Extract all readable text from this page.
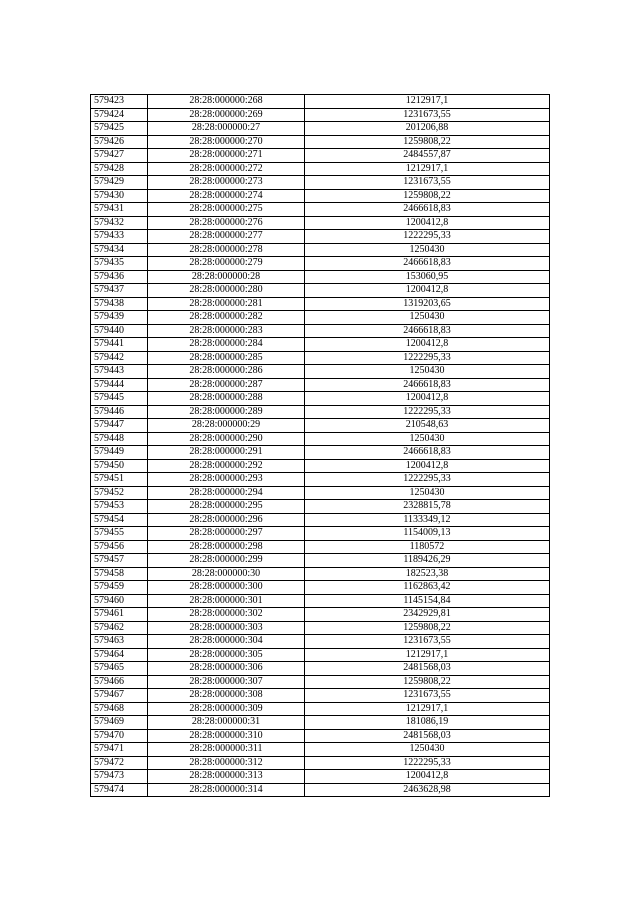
579423	28:28:000000:268	1212917,1
579424	28:28:000000:269	1231673,55
579425	28:28:000000:27	201206,88
579426	28:28:000000:270	1259808,22
579427	28:28:000000:271	2484557,87
579428	28:28:000000:272	1212917,1
579429	28:28:000000:273	1231673,55
579430	28:28:000000:274	1259808,22
579431	28:28:000000:275	2466618,83
579432	28:28:000000:276	1200412,8
579433	28:28:000000:277	1222295,33
579434	28:28:000000:278	1250430
579435	28:28:000000:279	2466618,83
579436	28:28:000000:28	153060,95
579437	28:28:000000:280	1200412,8
579438	28:28:000000:281	1319203,65
579439	28:28:000000:282	1250430
579440	28:28:000000:283	2466618,83
579441	28:28:000000:284	1200412,8
579442	28:28:000000:285	1222295,33
579443	28:28:000000:286	1250430
579444	28:28:000000:287	2466618,83
579445	28:28:000000:288	1200412,8
579446	28:28:000000:289	1222295,33
579447	28:28:000000:29	210548,63
579448	28:28:000000:290	1250430
579449	28:28:000000:291	2466618,83
579450	28:28:000000:292	1200412,8
579451	28:28:000000:293	1222295,33
579452	28:28:000000:294	1250430
579453	28:28:000000:295	2328815,78
579454	28:28:000000:296	1133349,12
579455	28:28:000000:297	1154009,13
579456	28:28:000000:298	1180572
579457	28:28:000000:299	1189426,29
579458	28:28:000000:30	182523,38
579459	28:28:000000:300	1162863,42
579460	28:28:000000:301	1145154,84
579461	28:28:000000:302	2342929,81
579462	28:28:000000:303	1259808,22
579463	28:28:000000:304	1231673,55
579464	28:28:000000:305	1212917,1
579465	28:28:000000:306	2481568,03
579466	28:28:000000:307	1259808,22
579467	28:28:000000:308	1231673,55
579468	28:28:000000:309	1212917,1
579469	28:28:000000:31	181086,19
579470	28:28:000000:310	2481568,03
579471	28:28:000000:311	1250430
579472	28:28:000000:312	1222295,33
579473	28:28:000000:313	1200412,8
579474	28:28:000000:314	2463628,98
